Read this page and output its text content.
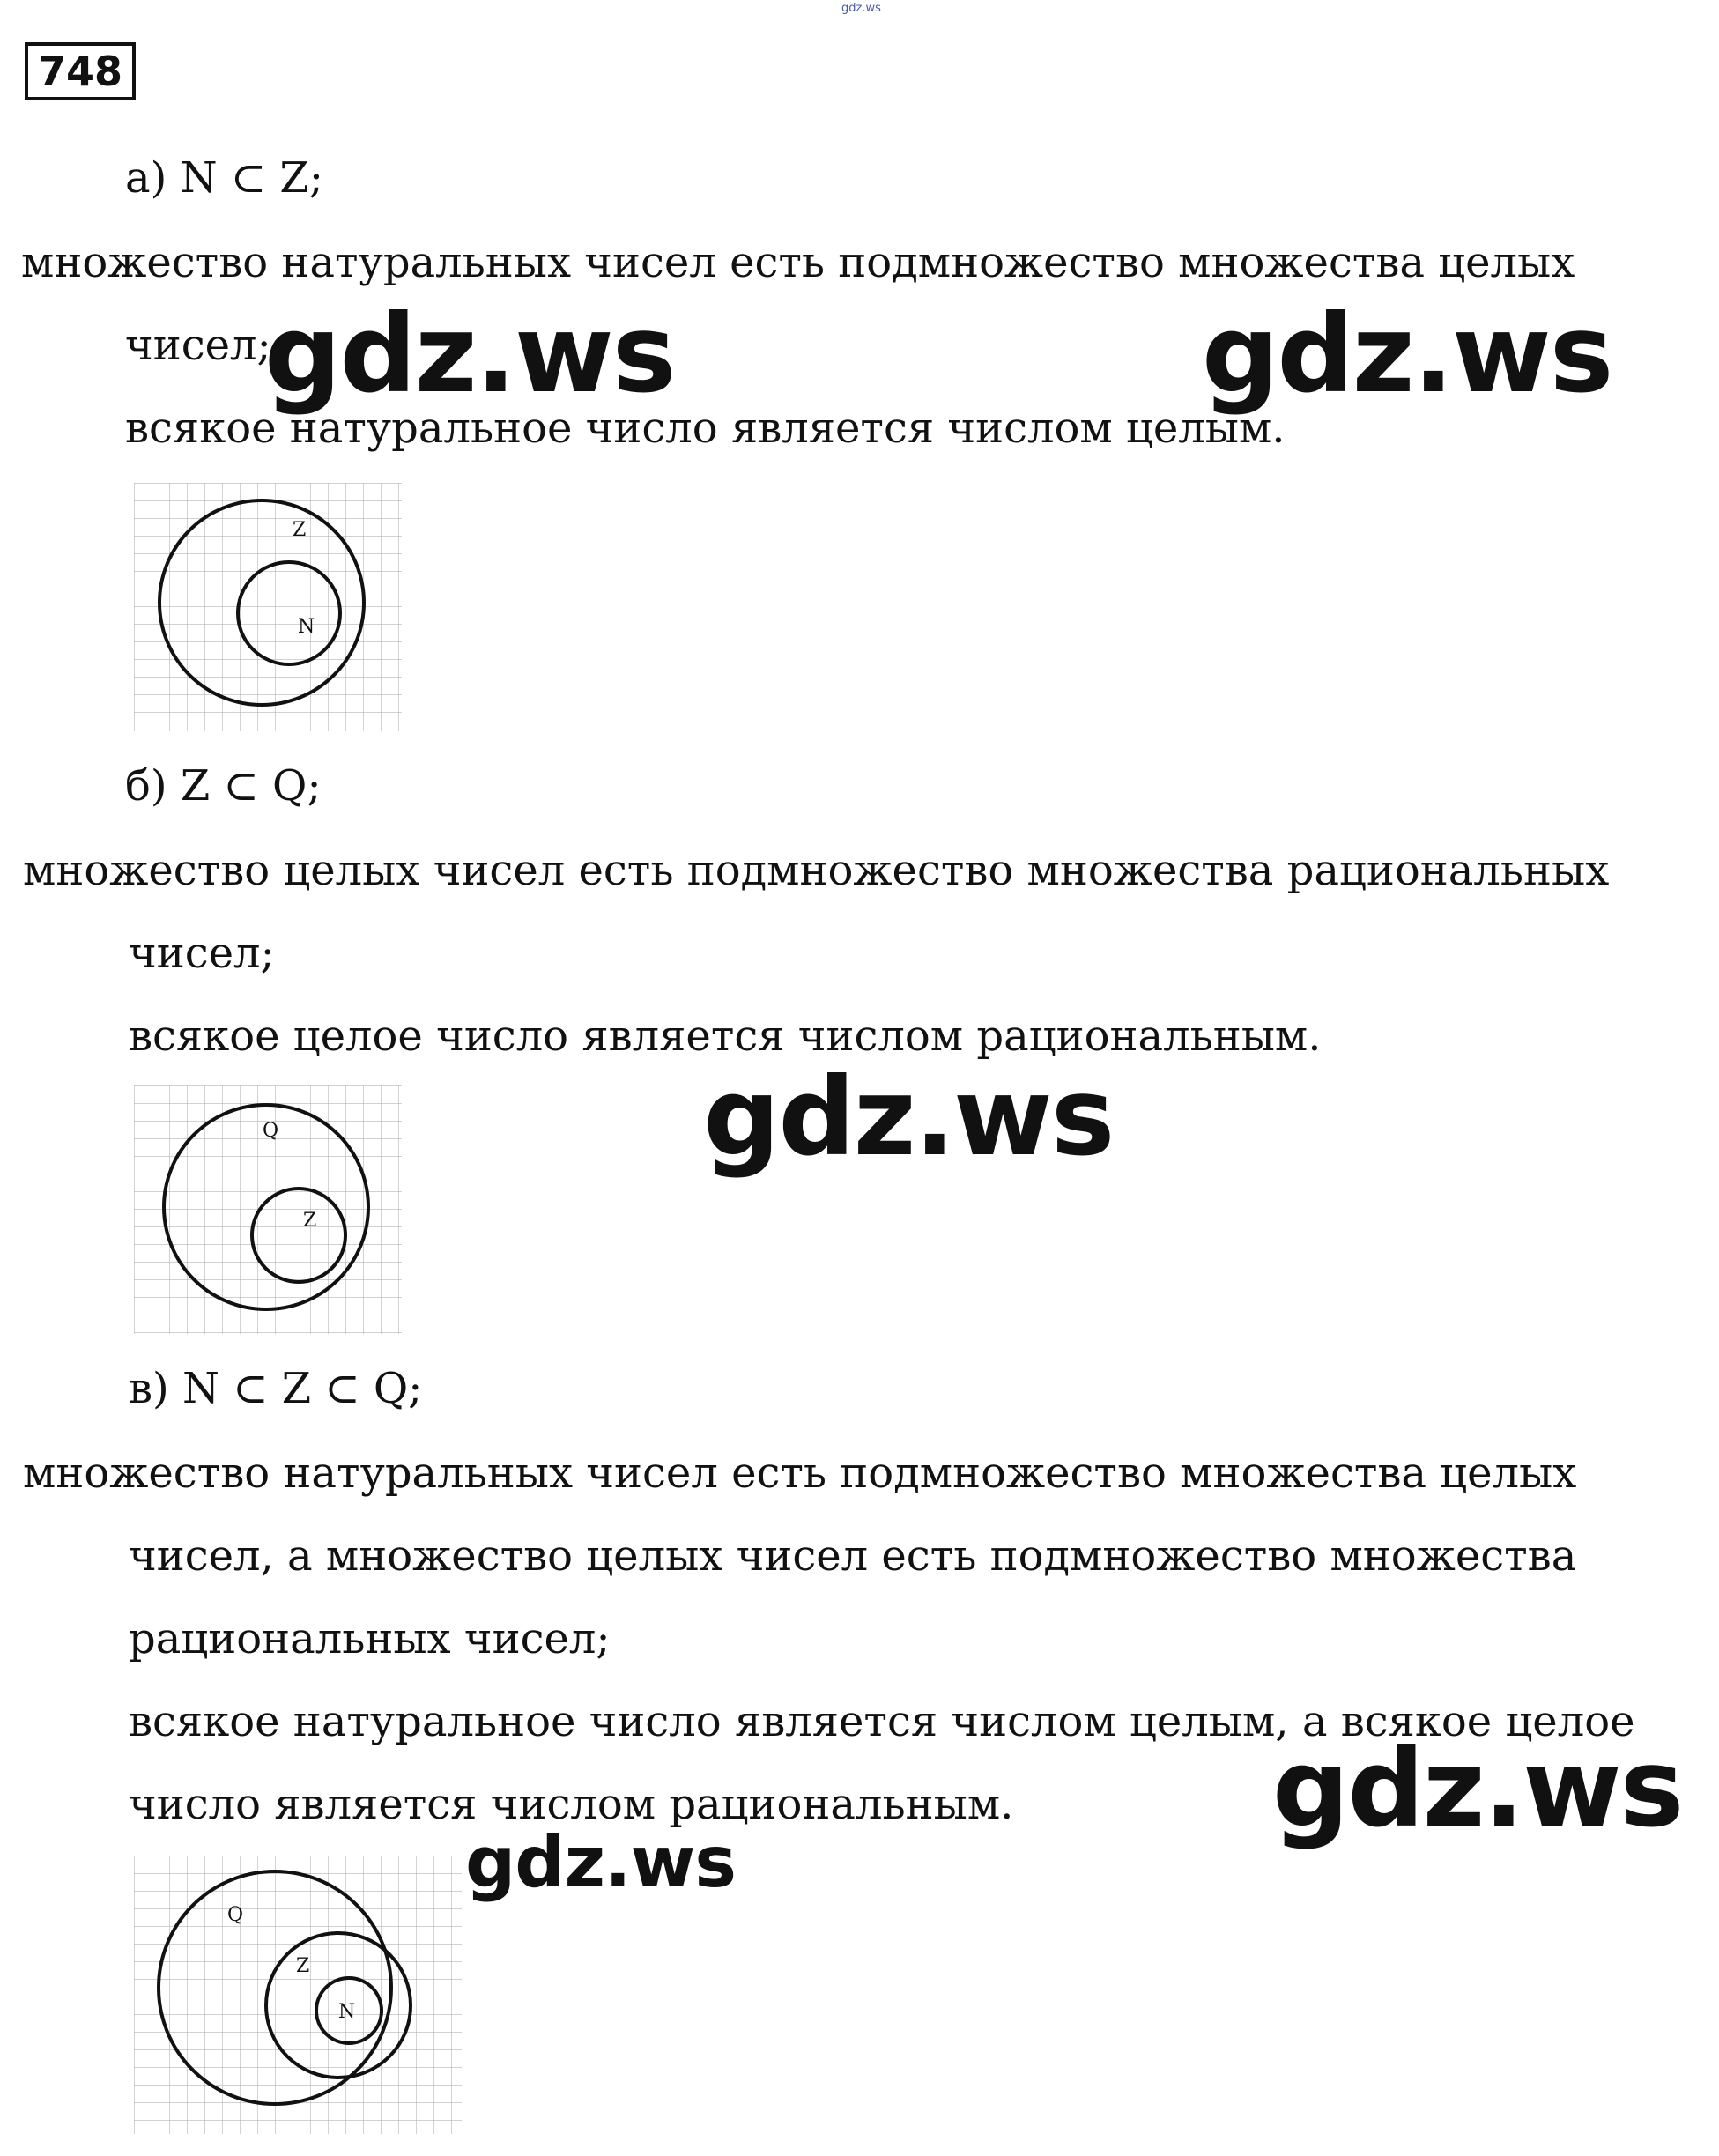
gdz.ws
748
а) N ⊂ Z;
множество натуральных чисел есть подмножество множества целых
чисел;
всякое натуральное число является числом целым.
Z
N
б) Z ⊂ Q;
множество целых чисел есть подмножество множества рациональных
чисел;
всякое целое число является числом рациональным.
Q
Z
в) N ⊂ Z ⊂ Q;
множество натуральных чисел есть подмножество множества целых
чисел, а множество целых чисел есть подмножество множества
рациональных чисел;
всякое натуральное число является числом целым, а всякое целое
число является числом рациональным.
Q
Z
N
gdz.ws	gdz.ws
gdz.ws
gdz.ws
gdz.ws
